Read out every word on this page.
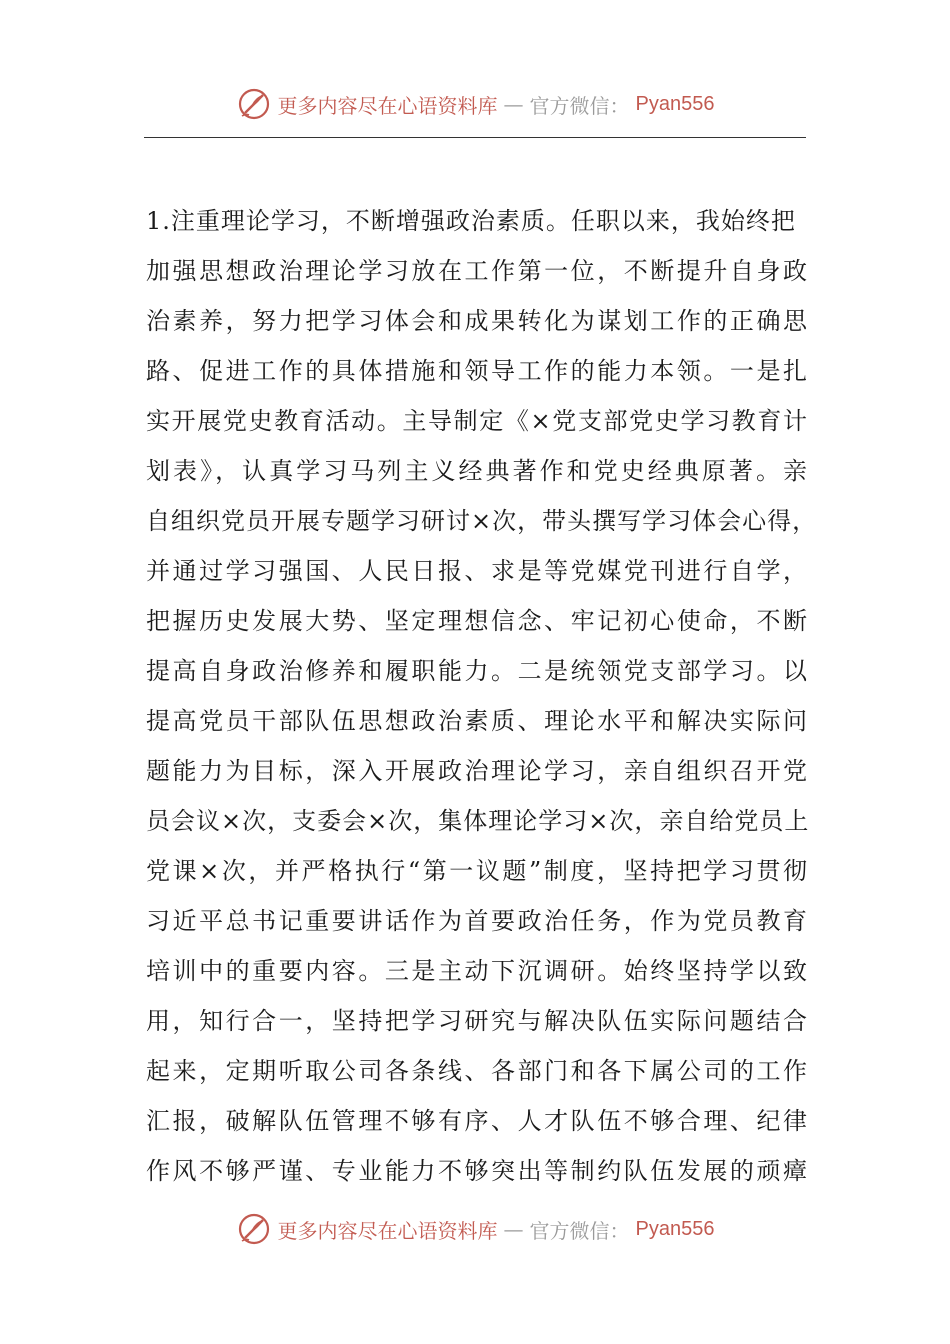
更多内容尽在心语资料库 — 官方微信： Pyan556
1.注重理论学习，不断增强政治素质。任职以来，我始终把
加强思想政治理论学习放在工作第一位，不断提升自身政
治素养，努力把学习体会和成果转化为谋划工作的正确思
路、促进工作的具体措施和领导工作的能力本领。一是扎
实开展党史教育活动。主导制定《×党支部党史学习教育计
划表》，认真学习马列主义经典著作和党史经典原著。亲
自组织党员开展专题学习研讨×次，带头撰写学习体会心得，
并通过学习强国、人民日报、求是等党媒党刊进行自学，
把握历史发展大势、坚定理想信念、牢记初心使命，不断
提高自身政治修养和履职能力。二是统领党支部学习。以
提高党员干部队伍思想政治素质、理论水平和解决实际问
题能力为目标，深入开展政治理论学习，亲自组织召开党
员会议×次，支委会×次，集体理论学习×次，亲自给党员上
党课×次，并严格执行“第一议题”制度，坚持把学习贯彻
习近平总书记重要讲话作为首要政治任务，作为党员教育
培训中的重要内容。三是主动下沉调研。始终坚持学以致
用，知行合一，坚持把学习研究与解决队伍实际问题结合
起来，定期听取公司各条线、各部门和各下属公司的工作
汇报，破解队伍管理不够有序、人才队伍不够合理、纪律
作风不够严谨、专业能力不够突出等制约队伍发展的顽瘴
更多内容尽在心语资料库 — 官方微信： Pyan556
